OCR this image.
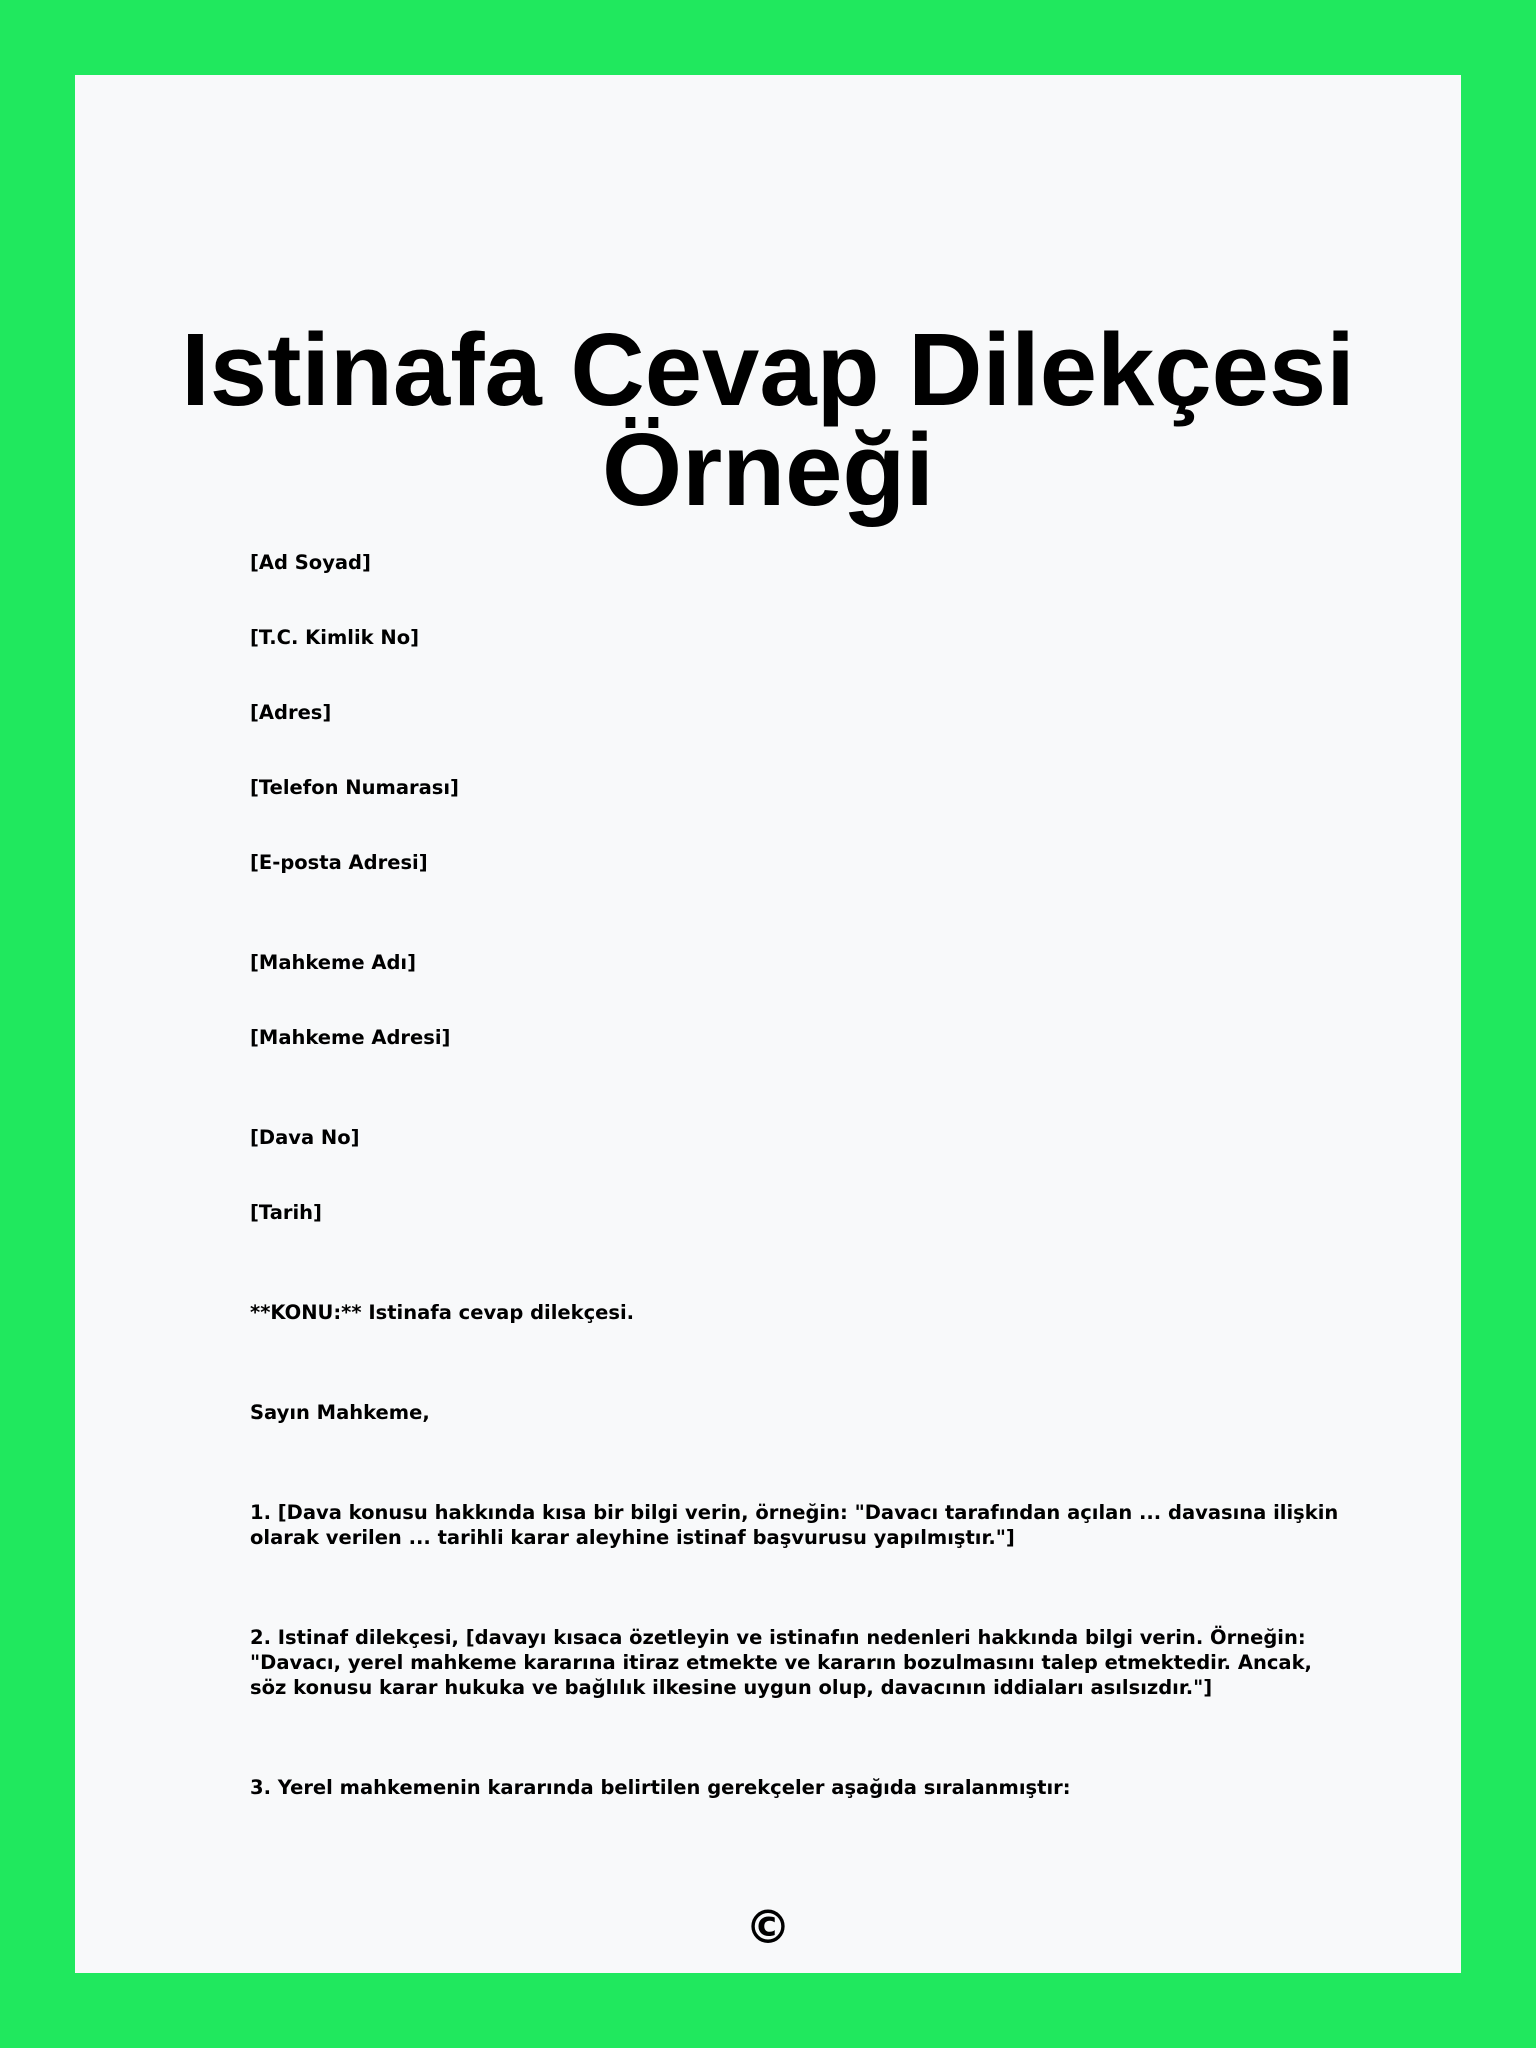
Istinafa Cevap Dilekçesi Örneği

[Ad Soyad]

[T.C. Kimlik No]

[Adres]

[Telefon Numarası]

[E-posta Adresi]

[Mahkeme Adı]

[Mahkeme Adresi]

[Dava No]

[Tarih]

**KONU:** Istinafa cevap dilekçesi.

Sayın Mahkeme,

1. [Dava konusu hakkında kısa bir bilgi verin, örneğin: "Davacı tarafından açılan ... davasına ilişkin olarak verilen ... tarihli karar aleyhine istinaf başvurusu yapılmıştır."]

2. Istinaf dilekçesi, [davayı kısaca özetleyin ve istinafın nedenleri hakkında bilgi verin. Örneğin: "Davacı, yerel mahkeme kararına itiraz etmekte ve kararın bozulmasını talep etmektedir. Ancak, söz konusu karar hukuka ve bağlılık ilkesine uygun olup, davacının iddiaları asılsızdır."]

3. Yerel mahkemenin kararında belirtilen gerekçeler aşağıda sıralanmıştır:

©
